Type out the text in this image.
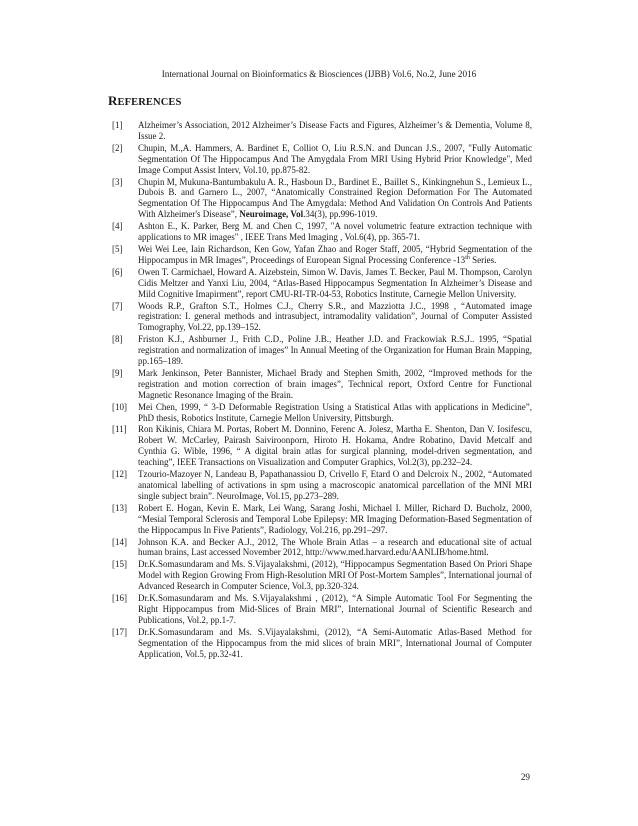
International Journal on Bioinformatics & Biosciences (IJBB) Vol.6, No.2, June 2016
REFERENCES
[1] Alzheimer’s Association, 2012 Alzheimer’s Disease Facts and Figures, Alzheimer’s & Dementia, Volume 8, Issue 2.
[2] Chupin, M.,A. Hammers, A. Bardinet E, Colliot O, Liu R.S.N. and Duncan J.S., 2007, "Fully Automatic Segmentation Of The Hippocampus And The Amygdala From MRI Using Hybrid Prior Knowledge", Med Image Comput Assist Interv, Vol.10, pp.875-82.
[3] Chupin M, Mukuna-Bantumbakulu A. R., Hasboun D., Bardinet E., Baillet S., Kinkingnehun S., Lemieux L., Dubois B. and Garnero L., 2007, “Anatomically Constrained Region Deformation For The Automated Segmentation Of The Hippocampus And The Amygdala: Method And Validation On Controls And Patients With Alzheimer's Disease”, Neuroimage, Vol.34(3), pp.996-1019.
[4] Ashton E., K. Parker, Berg M. and Chen C, 1997, "A novel volumetric feature extraction technique with applications to MR images" , IEEE Trans Med Imaging , Vol.6(4), pp. 365-71.
[5] Wei Wei Lee, Iain Richardson, Ken Gow, Yafan Zhao and Roger Staff, 2005, “Hybrid Segmentation of the Hippocampus in MR Images”, Proceedings of European Signal Processing Conference -13th Series.
[6] Owen T. Carmichael, Howard A. Aizebstein, Simon W. Davis, James T. Becker, Paul M. Thompson, Carolyn Cidis Meltzer and Yanxi Liu, 2004, “Atlas-Based Hippocampus Segmentation In Alzheimer’s Disease and Mild Cognitive Imapirment”, report CMU-RI-TR-04-53, Robotics Institute, Carnegie Mellon University.
[7] Woods R.P., Grafton S.T., Holmes C.J., Cherry S.R., and Mazziotta J.C., 1998 , “Automated image registration: I. general methods and intrasubject, intramodality validation”, Journal of Computer Assisted Tomography, Vol.22, pp.139–152.
[8] Friston K.J., Ashburner J., Frith C.D., Poline J.B., Heather J.D. and Frackowiak R.S.J.. 1995, “Spatial registration and normalization of images” In Annual Meeting of the Organization for Human Brain Mapping, pp.165–189.
[9] Mark Jenkinson, Peter Bannister, Michael Brady and Stephen Smith, 2002, “Improved methods for the registration and motion correction of brain images”, Technical report, Oxford Centre for Functional Magnetic Resonance Imaging of the Brain.
[10] Mei Chen, 1999, “ 3-D Deformable Registration Using a Statistical Atlas with applications in Medicine”, PhD thesis, Robotics Institute, Carnegie Mellon University, Pittsburgh.
[11] Ron Kikinis, Chiara M. Portas, Robert M. Donnino, Ferenc A. Jolesz, Martha E. Shenton, Dan V. Iosifescu, Robert W. McCarley, Pairash Saiviroonporn, Hiroto H. Hokama, Andre Robatino, David Metcalf and Cynthia G. Wible, 1996, “ A digital brain atlas for surgical planning, model-driven segmentation, and teaching”, IEEE Transactions on Visualization and Computer Graphics, Vol.2(3), pp.232–24.
[12] Tzourio-Mazoyer N, Landeau B, Papathanassiou D, Crivello F, Etard O and Delcroix N., 2002, “Automated anatomical labelling of activations in spm using a macroscopic anatomical parcellation of the MNI MRI single subject brain”. NeuroImage, Vol.15, pp.273–289.
[13] Robert E. Hogan, Kevin E. Mark, Lei Wang, Sarang Joshi, Michael I. Miller, Richard D. Bucholz, 2000, “Mesial Temporal Sclerosis and Temporal Lobe Epilepsy: MR Imaging Deformation-Based Segmentation of the Hippocampus In Five Patients”, Radiology, Vol.216, pp.291–297.
[14] Johnson K.A. and Becker A.J., 2012, The Whole Brain Atlas – a research and educational site of actual human brains, Last accessed November 2012, http://www.med.harvard.edu/AANLIB/home.html.
[15] Dr.K.Somasundaram and Ms. S.Vijayalakshmi, (2012), “Hippocampus Segmentation Based On Priori Shape Model with Region Growing From High-Resolution MRI Of Post-Mortem Samples”, International journal of Advanced Research in Computer Science, Vol.3, pp.320-324.
[16] Dr.K.Somasundaram and Ms. S.Vijayalakshmi , (2012), “A Simple Automatic Tool For Segmenting the Right Hippocampus from Mid-Slices of Brain MRI”, International Journal of Scientific Research and Publications, Vol.2, pp.1-7.
[17] Dr.K.Somasundaram and Ms. S.Vijayalakshmi, (2012), “A Semi-Automatic Atlas-Based Method for Segmentation of the Hippocampus from the mid slices of brain MRI”, International Journal of Computer Application, Vol.5, pp.32-41.
29
